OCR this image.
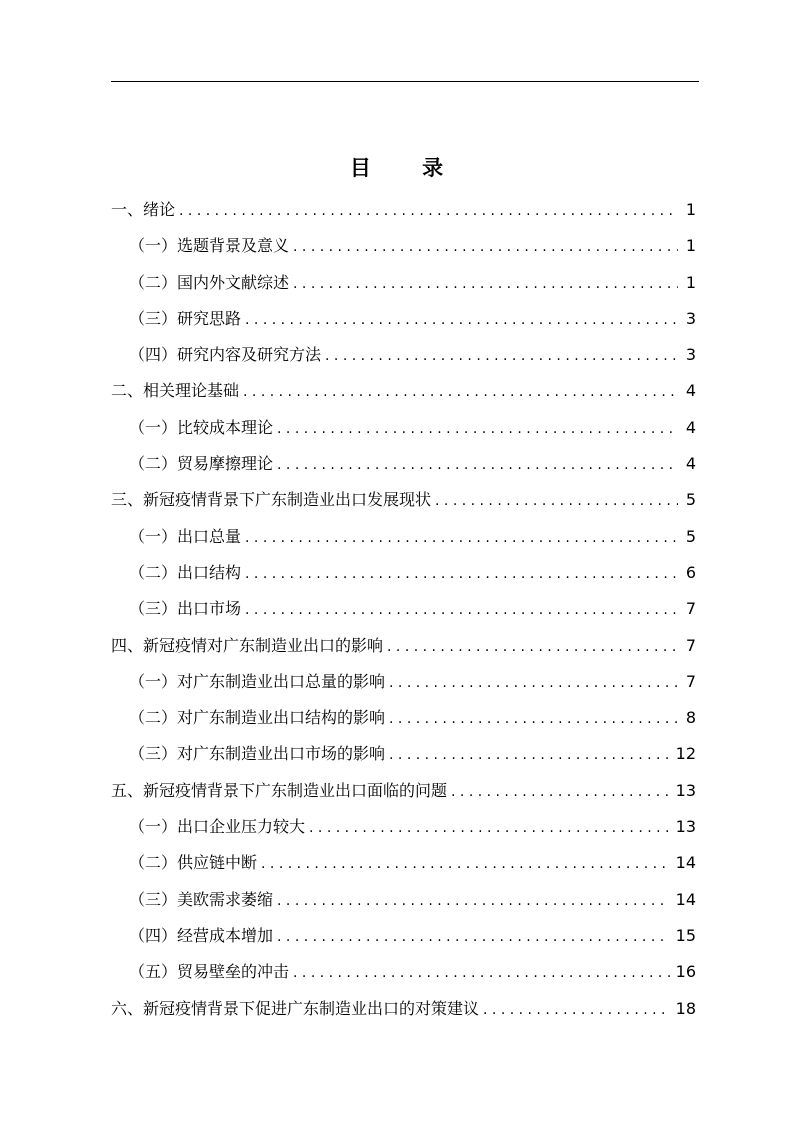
目 录
一、绪论 . . .	1
（一）选题背景及意义 . . .	1
（二）国内外文献综述 . . .	1
（三）研究思路 . . .	3
（四）研究内容及研究方法 . . .	3
二、相关理论基础 . . .	4
（一）比较成本理论 . . .	4
（二）贸易摩擦理论 . . .	4
三、新冠疫情背景下广东制造业出口发展现状 . . .	5
（一）出口总量 . . .	5
（二）出口结构 . . .	6
（三）出口市场 . . .	7
四、新冠疫情对广东制造业出口的影响 . . .	7
（一）对广东制造业出口总量的影响 . . .	7
（二）对广东制造业出口结构的影响 . . .	8
（三）对广东制造业出口市场的影响 . . .	12
五、新冠疫情背景下广东制造业出口面临的问题 . . .	13
（一）出口企业压力较大 . . .	13
（二）供应链中断 . . .	14
（三）美欧需求萎缩 . . .	14
（四）经营成本增加 . . .	15
（五）贸易壁垒的冲击 . . .	16
六、新冠疫情背景下促进广东制造业出口的对策建议 . . .	18
